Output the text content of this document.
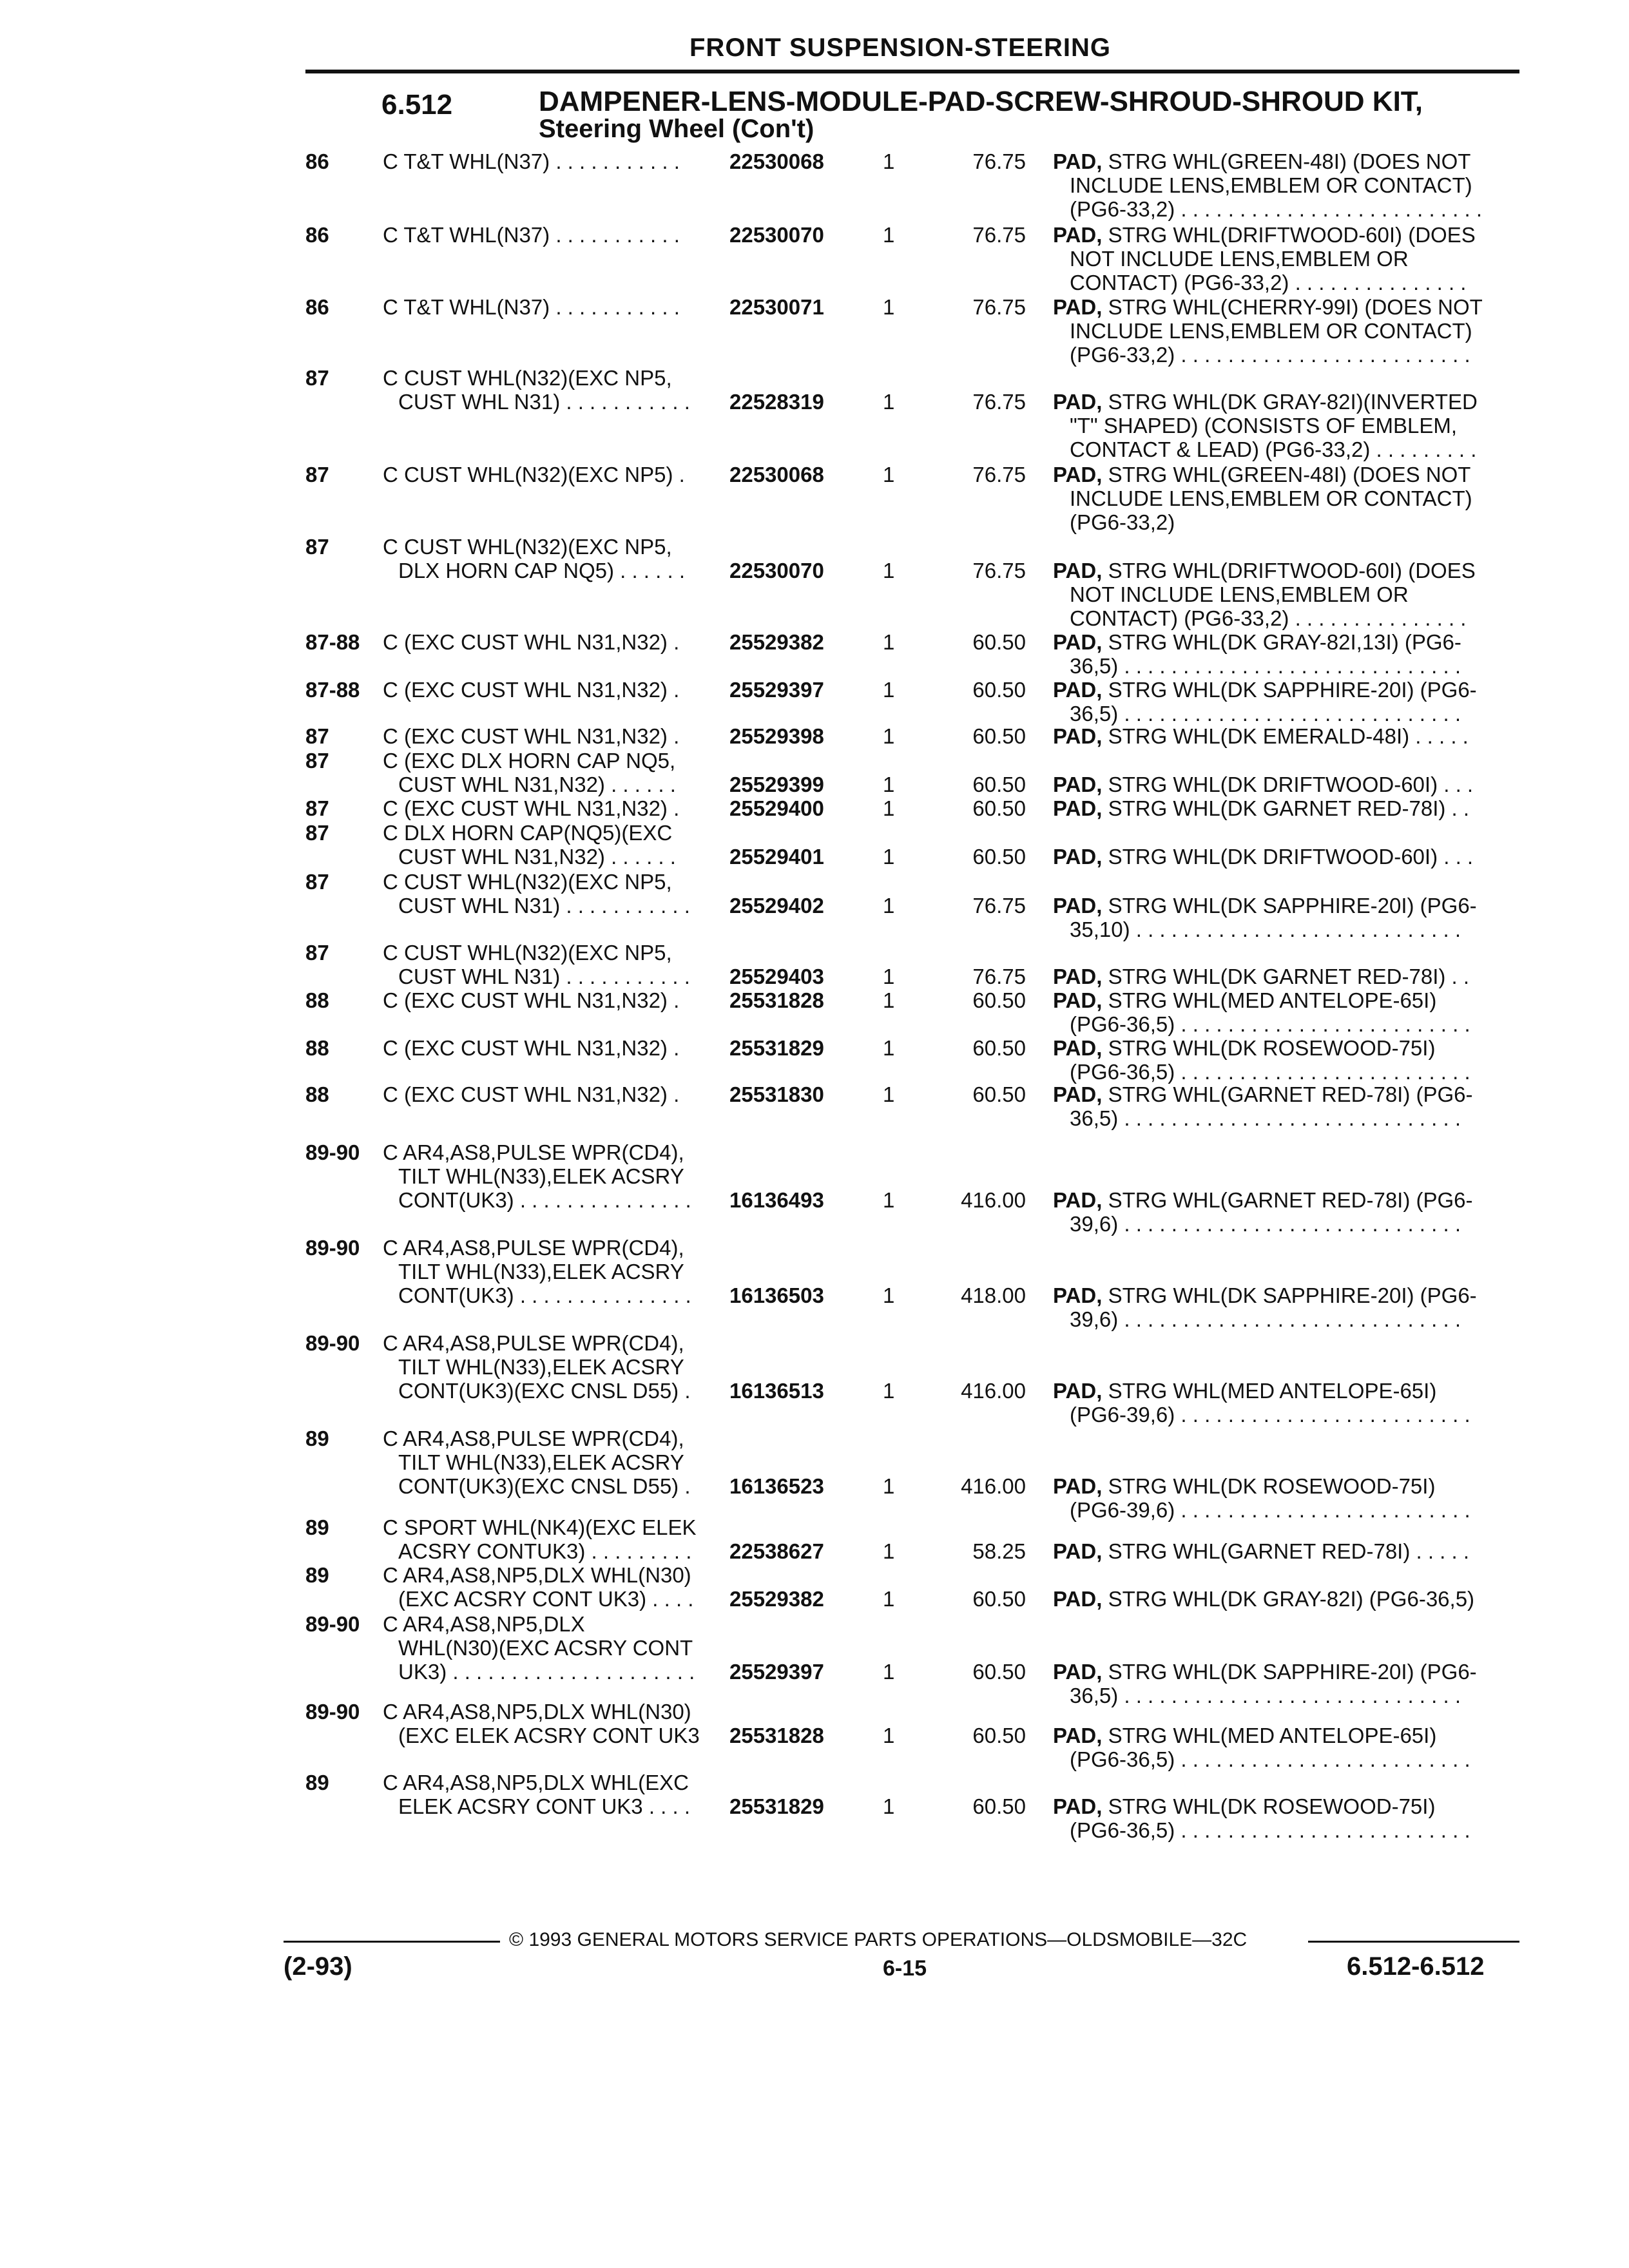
FRONT SUSPENSION-STEERING
6.512	DAMPENER-LENS-MODULE-PAD-SCREW-SHROUD-SHROUD KIT,
Steering Wheel (Con't)
86	C T&T WHL(N37) . . . . . . . . . . . 22530068	1	76.75 PAD, STRG WHL(GREEN-48I) (DOES NOT
INCLUDE LENS,EMBLEM OR CONTACT)
(PG6-33,2) . . . . . . . . . . . . . . . . . . . . . . . . . .
86	C T&T WHL(N37) . . . . . . . . . . . 22530070	1	76.75 PAD, STRG WHL(DRIFTWOOD-60I) (DOES
NOT INCLUDE LENS,EMBLEM OR
CONTACT) (PG6-33,2) . . . . . . . . . . . . . . .
86	C T&T WHL(N37) . . . . . . . . . . . 22530071	1	76.75 PAD, STRG WHL(CHERRY-99I) (DOES NOT
INCLUDE LENS,EMBLEM OR CONTACT)
(PG6-33,2) . . . . . . . . . . . . . . . . . . . . . . . . .
87	C CUST WHL(N32)(EXC NP5,
CUST WHL N31) . . . . . . . . . . . 22528319	1	76.75 PAD, STRG WHL(DK GRAY-82I)(INVERTED
"T" SHAPED) (CONSISTS OF EMBLEM,
CONTACT & LEAD) (PG6-33,2) . . . . . . . . .
87	C CUST WHL(N32)(EXC NP5) . 22530068	1	76.75 PAD, STRG WHL(GREEN-48I) (DOES NOT
INCLUDE LENS,EMBLEM OR CONTACT)
(PG6-33,2)
87	C CUST WHL(N32)(EXC NP5,
DLX HORN CAP NQ5) . . . . . . 22530070	1	76.75 PAD, STRG WHL(DRIFTWOOD-60I) (DOES
NOT INCLUDE LENS,EMBLEM OR
CONTACT) (PG6-33,2) . . . . . . . . . . . . . . .
87-88 C (EXC CUST WHL N31,N32) . 25529382	1	60.50 PAD, STRG WHL(DK GRAY-82I,13I) (PG6-
36,5) . . . . . . . . . . . . . . . . . . . . . . . . . . . . .
87-88 C (EXC CUST WHL N31,N32) . 25529397	1	60.50 PAD, STRG WHL(DK SAPPHIRE-20I) (PG6-
36,5) . . . . . . . . . . . . . . . . . . . . . . . . . . . . .
87	C (EXC CUST WHL N31,N32) . 25529398	1	60.50 PAD, STRG WHL(DK EMERALD-48I) . . . . .
87	C (EXC DLX HORN CAP NQ5,
CUST WHL N31,N32) . . . . . .	25529399	1	60.50 PAD, STRG WHL(DK DRIFTWOOD-60I) . . .
87	C (EXC CUST WHL N31,N32) . 25529400	1	60.50 PAD, STRG WHL(DK GARNET RED-78I) . .
87	C DLX HORN CAP(NQ5)(EXC
CUST WHL N31,N32) . . . . . .	25529401	1	60.50 PAD, STRG WHL(DK DRIFTWOOD-60I) . . .
87	C CUST WHL(N32)(EXC NP5,
CUST WHL N31) . . . . . . . . . . . 25529402	1	76.75 PAD, STRG WHL(DK SAPPHIRE-20I) (PG6-
35,10) . . . . . . . . . . . . . . . . . . . . . . . . . . . .
87	C CUST WHL(N32)(EXC NP5,
CUST WHL N31) . . . . . . . . . . . 25529403	1	76.75 PAD, STRG WHL(DK GARNET RED-78I) . .
88	C (EXC CUST WHL N31,N32) . 25531828	1	60.50 PAD, STRG WHL(MED ANTELOPE-65I)
(PG6-36,5) . . . . . . . . . . . . . . . . . . . . . . . . .
88	C (EXC CUST WHL N31,N32) . 25531829	1	60.50 PAD, STRG WHL(DK ROSEWOOD-75I)
(PG6-36,5) . . . . . . . . . . . . . . . . . . . . . . . . .
88	C (EXC CUST WHL N31,N32) . 25531830	1	60.50 PAD, STRG WHL(GARNET RED-78I) (PG6-
36,5) . . . . . . . . . . . . . . . . . . . . . . . . . . . . .
89-90 C AR4,AS8,PULSE WPR(CD4),
TILT WHL(N33),ELEK ACSRY
CONT(UK3) . . . . . . . . . . . . . . . 16136493	1	416.00 PAD, STRG WHL(GARNET RED-78I) (PG6-
39,6) . . . . . . . . . . . . . . . . . . . . . . . . . . . . .
89-90 C AR4,AS8,PULSE WPR(CD4),
TILT WHL(N33),ELEK ACSRY
CONT(UK3) . . . . . . . . . . . . . . . 16136503	1	418.00 PAD, STRG WHL(DK SAPPHIRE-20I) (PG6-
39,6) . . . . . . . . . . . . . . . . . . . . . . . . . . . . .
89-90 C AR4,AS8,PULSE WPR(CD4),
TILT WHL(N33),ELEK ACSRY
CONT(UK3)(EXC CNSL D55) . 16136513	1	416.00 PAD, STRG WHL(MED ANTELOPE-65I)
(PG6-39,6) . . . . . . . . . . . . . . . . . . . . . . . . .
89	C AR4,AS8,PULSE WPR(CD4),
TILT WHL(N33),ELEK ACSRY
CONT(UK3)(EXC CNSL D55) . 16136523	1	416.00 PAD, STRG WHL(DK ROSEWOOD-75I)
(PG6-39,6) . . . . . . . . . . . . . . . . . . . . . . . . .
89	C SPORT WHL(NK4)(EXC ELEK
ACSRY CONTUK3) . . . . . . . . . 22538627	1	58.25 PAD, STRG WHL(GARNET RED-78I) . . . . .
89	C AR4,AS8,NP5,DLX WHL(N30)
(EXC ACSRY CONT UK3) . . . . 25529382	1	60.50 PAD, STRG WHL(DK GRAY-82I) (PG6-36,5)
89-90 C AR4,AS8,NP5,DLX
WHL(N30)(EXC ACSRY CONT
UK3) . . . . . . . . . . . . . . . . . . . . . 25529397	1	60.50 PAD, STRG WHL(DK SAPPHIRE-20I) (PG6-
36,5) . . . . . . . . . . . . . . . . . . . . . . . . . . . . .
89-90 C AR4,AS8,NP5,DLX WHL(N30)
(EXC ELEK ACSRY CONT UK3 25531828	1	60.50 PAD, STRG WHL(MED ANTELOPE-65I)
(PG6-36,5) . . . . . . . . . . . . . . . . . . . . . . . . .
89	C AR4,AS8,NP5,DLX WHL(EXC
ELEK ACSRY CONT UK3 . . . . 25531829	1	60.50 PAD, STRG WHL(DK ROSEWOOD-75I)
(PG6-36,5) . . . . . . . . . . . . . . . . . . . . . . . . .
© 1993 GENERAL MOTORS SERVICE PARTS OPERATIONS—OLDSMOBILE—32C
(2-93)	6-15	6.512-6.512
